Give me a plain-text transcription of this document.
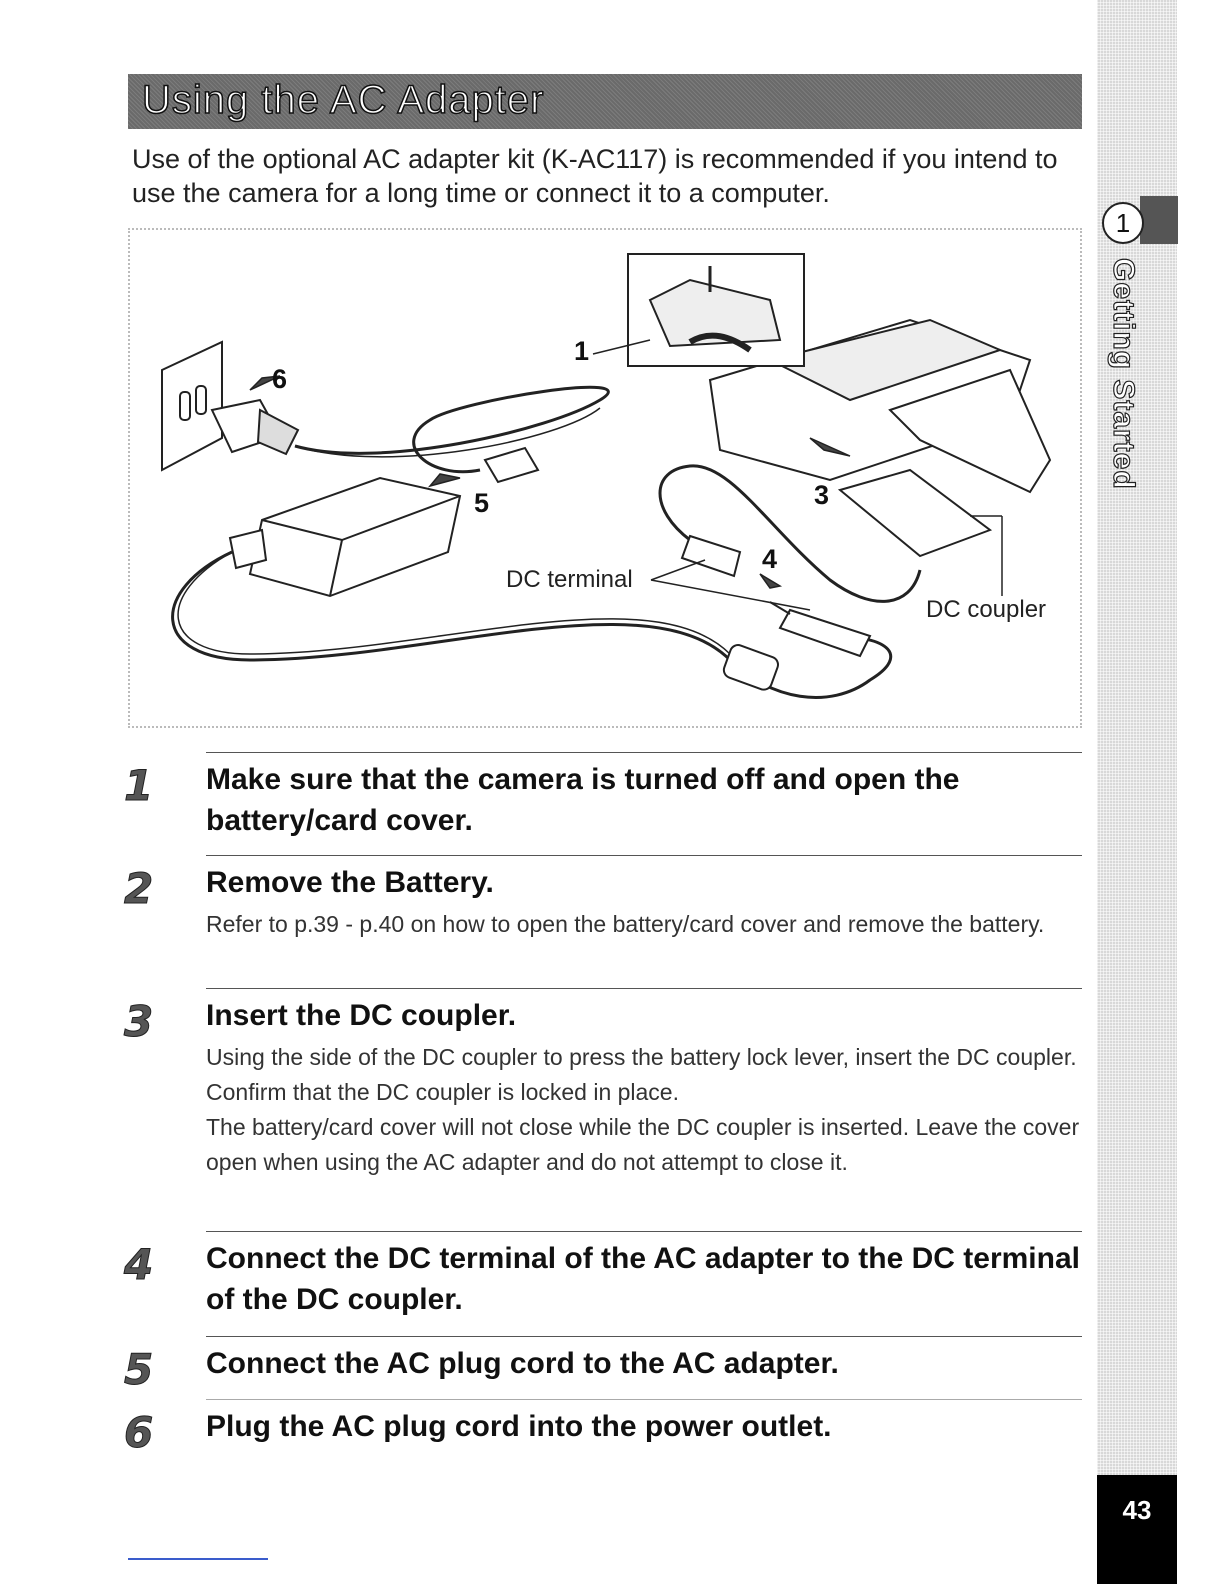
1
Getting Started
43
Using the AC Adapter
Use of the optional AC adapter kit (K-AC117) is recommended if you intend to use the camera for a long time or connect it to a computer.
1
6
5	3
4
DC terminal
DC coupler
1 Make sure that the camera is turned off and open the battery/card cover.
2 Remove the Battery.

Refer to p.39 - p.40 on how to open the battery/card cover and remove the battery.

3 Insert the DC coupler.

Using the side of the DC coupler to press the battery lock lever, insert the DC coupler. Confirm that the DC coupler is locked in place.
The battery/card cover will not close while the DC coupler is inserted. Leave the cover open when using the AC adapter and do not attempt to close it.

4 Connect the DC terminal of the AC adapter to the DC terminal of the DC coupler.
5 Connect the AC plug cord to the AC adapter.
6 Plug the AC plug cord into the power outlet.
